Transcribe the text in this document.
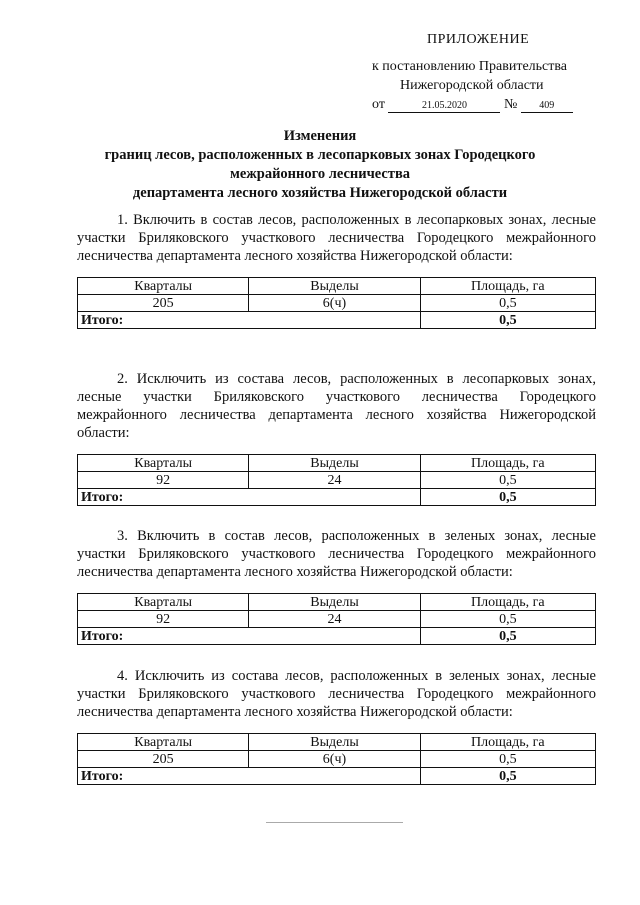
ПРИЛОЖЕНИЕ
к постановлению Правительства
Нижегородской области
от	21.05.2020	№ 409
Изменения
границ лесов, расположенных в лесопарковых зонах Городецкого
межрайонного лесничества
департамента лесного хозяйства Нижегородской области

1. Включить в состав лесов, расположенных в лесопарковых зонах, лесные участки Бриляковского участкового лесничества Городецкого межрайонного лесничества департамента лесного хозяйства Нижегородской области:

Кварталы	Выделы	Площадь, га
205	6(ч)	0,5
Итого:		0,5

2. Исключить из состава лесов, расположенных в лесопарковых зонах, лесные участки Бриляковского участкового лесничества Городецкого межрайонного лесничества департамента лесного хозяйства Нижегородской области:

Кварталы	Выделы	Площадь, га
92	24	0,5
Итого:		0,5

3. Включить в состав лесов, расположенных в зеленых зонах, лесные участки Бриляковского участкового лесничества Городецкого межрайонного лесничества департамента лесного хозяйства Нижегородской области:

Кварталы	Выделы	Площадь, га
92	24	0,5
Итого:		0,5

4. Исключить из состава лесов, расположенных в зеленых зонах, лесные участки Бриляковского участкового лесничества Городецкого межрайонного лесничества департамента лесного хозяйства Нижегородской области:

Кварталы	Выделы	Площадь, га
205	6(ч)	0,5
Итого:		0,5
